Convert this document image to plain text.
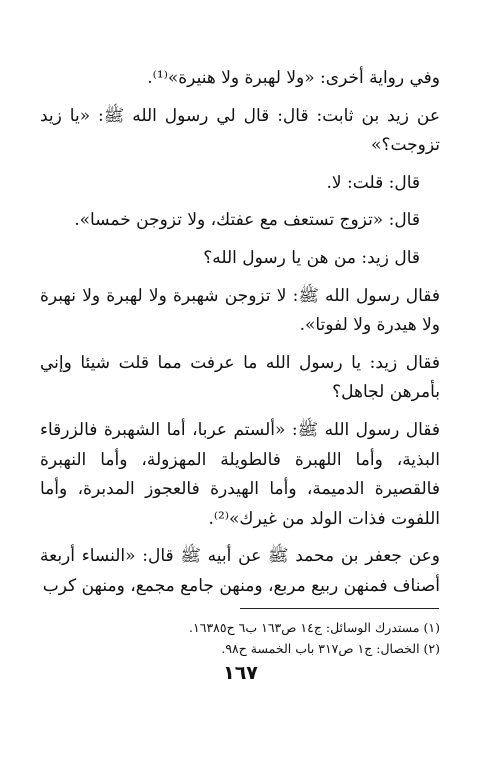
وفي رواية أخرى: «ولا لهبرة ولا هنيرة»⁽¹⁾.

عن زيد بن ثابت: قال: قال لي رسول الله ﷺ: «يا زيد تزوجت؟»

قال: قلت: لا.

قال: «تزوج تستعف مع عفتك، ولا تزوجن خمسا».

قال زيد: من هن يا رسول الله؟

فقال رسول الله ﷺ: لا تزوجن شهبرة ولا لهبرة ولا نهبرة ولا هيدرة ولا لفوتا».

فقال زيد: يا رسول الله ما عرفت مما قلت شيئا وإني بأمرهن لجاهل؟

فقال رسول الله ﷺ: «ألستم عربا، أما الشهبرة فالزرقاء البذية، وأما اللهبرة فالطويلة المهزولة، وأما النهبرة فالقصيرة الدميمة، وأما الهيدرة فالعجوز المدبرة، وأما اللفوت فذات الولد من غيرك»⁽²⁾.

وعن جعفر بن محمد ﷺ عن أبيه ﷺ قال: «النساء أربعة أصناف فمنهن ربيع مربع، ومنهن جامع مجمع، ومنهن كرب

(١) مستدرك الوسائل: ج١٤ ص١٦٣ ب٦ ح١٦٣٨٥.

(٢) الخصال: ج١ ص٣١٧ باب الخمسة ح٩٨.

١٦٧
